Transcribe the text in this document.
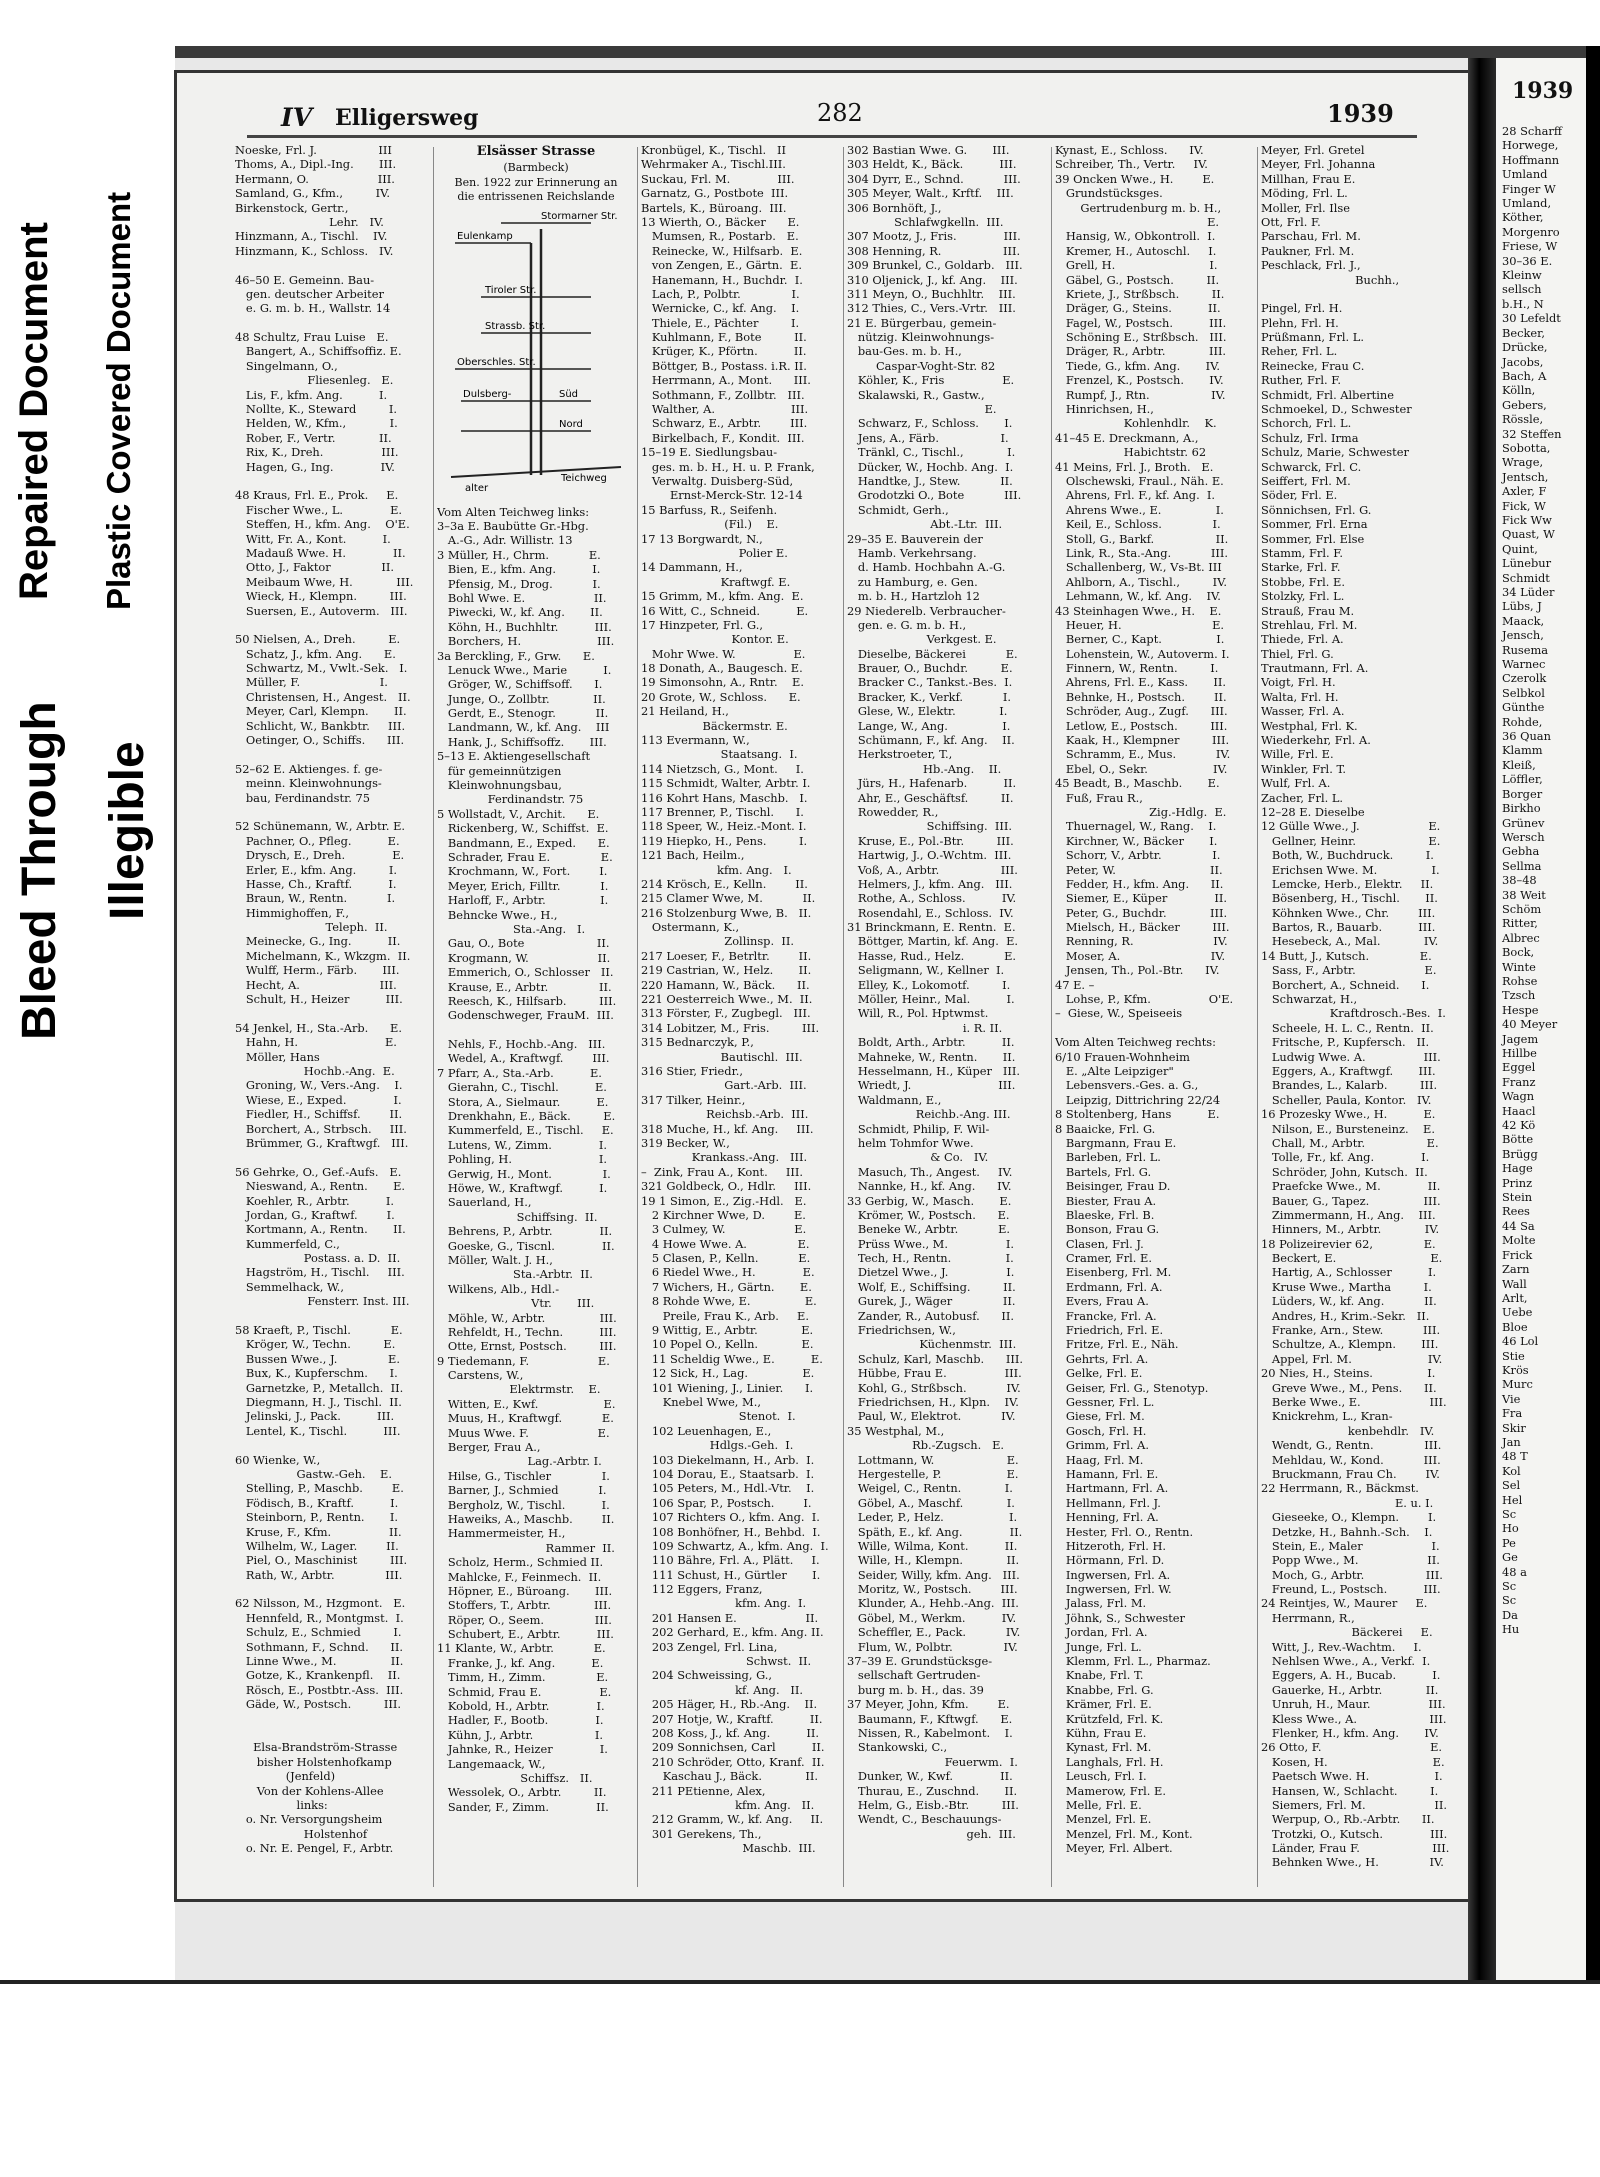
Repaired Document
Bleed Through
Plastic Covered Document
Illegible
IV Elligersweg	282	1939
Noeske, Frl. J.                 III
Thoms, A., Dipl.-Ing.       III.
Hermann, O.                   III.
Samland, G., Kfm.,         IV.
Birkenstock, Gertr.,
Lehr.   IV.
Hinzmann, A., Tischl.    IV.
Hinzmann, K., Schloss.   IV.
46–50 E. Gemeinn. Bau-
gen. deutscher Arbeiter
e. G. m. b. H., Wallstr. 14
48 Schultz, Frau Luise   E.
Bangert, A., Schiffsoffiz. E.
Singelmann, O.,
Fliesenleg.   E.
Lis, F., kfm. Ang.          I.
Nollte, K., Steward         I.
Helden, W., Kfm.,            I.
Rober, F., Vertr.            II.
Rix, K., Dreh.                III.
Hagen, G., Ing.             IV.
48 Kraus, Frl. E., Prok.     E.
Fischer Wwe., L.             E.
Steffen, H., kfm. Ang.    O'E.
Witt, Fr. A., Kont.          I.
Madauß Wwe. H.             II.
Otto, J., Faktor              II.
Meibaum Wwe, H.            III.
Wieck, H., Klempn.         III.
Suersen, E., Autoverm.   III.
50 Nielsen, A., Dreh.         E.
Schatz, J., kfm. Ang.      E.
Schwartz, M., Vwlt.-Sek.   I.
Müller, F.                      I.
Christensen, H., Angest.   II.
Meyer, Carl, Klempn.       II.
Schlicht, W., Bankbtr.     III.
Oetinger, O., Schiffs.      III.
52–62 E. Aktienges. f. ge-
meinn. Kleinwohnungs-
bau, Ferdinandstr. 75
52 Schünemann, W., Arbtr. E.
Pachner, O., Pfleg.          E.
Drysch, E., Dreh.             E.
Erler, E., kfm. Ang.         I.
Hasse, Ch., Kraftf.          I.
Braun, W., Rentn.           I.
Himmighoffen, F.,
Teleph.  II.
Meinecke, G., Ing.          II.
Michelmann, K., Wkzgm.  II.
Wulff, Herm., Färb.       III.
Hecht, A.                      III.
Schult, H., Heizer          III.
54 Jenkel, H., Sta.-Arb.      E.
Hahn, H.                        E.
Möller, Hans
Hochb.-Ang.  E.
Groning, W., Vers.-Ang.    I.
Wiese, E., Exped.             I.
Fiedler, H., Schiffsf.        II.
Borchert, A., Strbsch.     III.
Brümmer, G., Kraftwgf.   III.
56 Gehrke, O., Gef.-Aufs.   E.
Nieswand, A., Rentn.       E.
Koehler, R., Arbtr.          I.
Jordan, G., Kraftwf.        I.
Kortmann, A., Rentn.       II.
Kummerfeld, C.,
Postass. a. D.  II.
Hagström, H., Tischl.     III.
Semmelhack, W.,
Fensterr. Inst. III.
58 Kraeft, P., Tischl.           E.
Kröger, W., Techn.         E.
Bussen Wwe., J.              E.
Bux, K., Kupferschm.      I.
Garnetzke, P., Metallch.  II.
Diegmann, H. J., Tischl.  II.
Jelinski, J., Pack.          III.
Lentel, K., Tischl.          III.
60 Wienke, W.,
Gastw.-Geh.    E.
Stelling, P., Maschb.        E.
Födisch, B., Kraftf.          I.
Steinborn, P., Rentn.       I.
Kruse, F., Kfm.                II.
Wilhelm, W., Lager.        II.
Piel, O., Maschinist         III.
Rath, W., Arbtr.              III.
62 Nilsson, M., Hzgmont.   E.
Hennfeld, R., Montgmst.  I.
Schulz, E., Schmied         I.
Sothmann, F., Schnd.      II.
Linne Wwe., M.               II.
Gotze, K., Krankenpfl.    II.
Rösch, E., Postbtr.-Ass.  III.
Gäde, W., Postsch.         III.
Elsa-Brandström-Strasse
bisher Holstenhofkamp
(Jenfeld)
Von der Kohlens-Allee
links:
o. Nr. Versorgungsheim
Holstenhof
o. Nr. E. Pengel, F., Arbtr.
Elsässer Strasse
(Barmbeck)
Ben. 1922 zur Erinnerung an
die entrissenen Reichslande
Stormarner Str.
Eulenkamp
Tiroler Str.
Strassb. Str.
Oberschles. Str.
Dulsberg-	Süd
Nord
alter
Teichweg
Vom Alten Teichweg links:
3–3a E. Baubütte Gr.-Hbg.
A.-G., Adr. Willistr. 13
3 Müller, H., Chrm.           E.
Bien, E., kfm. Ang.          I.
Pfensig, M., Drog.           I.
Bohl Wwe. E.                   II.
Piwecki, W., kf. Ang.       II.
Köhn, H., Buchhltr.          III.
Borchers, H.                     III.
3a Berckling, F., Grw.      E.
Lenuck Wwe., Marie          I.
Gröger, W., Schiffsoff.      I.
Junge, O., Zollbtr.            II.
Gerdt, E., Stenogr.           II.
Landmann, W., kf. Ang.    III
Hank, J., Schiffsoffz.       III.
5–13 E. Aktiengesellschaft
für gemeinnützigen
Kleinwohnungsbau,
Ferdinandstr. 75
5 Wollstadt, V., Archit.      E.
Rickenberg, W., Schiffst.  E.
Bandmann, E., Exped.      E.
Schrader, Frau E.              E.
Krochmann, W., Fort.        I.
Meyer, Erich, Filltr.           I.
Harloff, F., Arbtr.               I.
Behncke Wwe., H.,
Sta.-Ang.   I.
Gau, O., Bote                    II.
Krogmann, W.                   II.
Emmerich, O., Schlosser   II.
Krause, E., Arbtr.              II.
Reesch, K., Hilfsarb.         III.
Godenschweger, FrauM.  III.
Nehls, F., Hochb.-Ang.   III.
Wedel, A., Kraftwgf.        III.
7 Pfarr, A., Sta.-Arb.          E.
Gierahn, C., Tischl.          E.
Stora, A., Sielmaur.          E.
Drenkhahn, E., Bäck.         E.
Kummerfeld, E., Tischl.     E.
Lutens, W., Zimm.             I.
Pohling, H.                        I.
Gerwig, H., Mont.              I.
Höwe, W., Kraftwgf.          I.
Sauerland, H.,
Schiffsing.  II.
Behrens, P., Arbtr.             II.
Goeske, G., Tiscnl.             II.
Möller, Walt. J. H.,
Sta.-Arbtr.  II.
Wilkens, Alb., Hdl.-
Vtr.       III.
Möhle, W., Arbtr.               III.
Rehfeldt, H., Techn.          III.
Otte, Ernst, Postsch.         III.
9 Tiedemann, F.                   E.
Carstens, W.,
Elektrmstr.    E.
Witten, E., Kwf.                  E.
Muus, H., Kraftwgf.           E.
Muus Wwe. F.                   E.
Berger, Frau A.,
Lag.-Arbtr. I.
Hilse, G., Tischler              I.
Barner, J., Schmied           I.
Bergholz, W., Tischl.          I.
Haweiks, A., Maschb.        II.
Hammermeister, H.,
Rammer  II.
Scholz, Herm., Schmied II.
Mahlcke, F., Feinmech.  II.
Höpner, E., Büroang.       III.
Stoffers, T., Arbtr.            III.
Röper, O., Seem.              III.
Schubert, E., Arbtr.          III.
11 Klante, W., Arbtr.           E.
Franke, J., kf. Ang.          E.
Timm, H., Zimm.              E.
Schmid, Frau E.                E.
Kobold, H., Arbtr.             I.
Hadler, F., Bootb.             I.
Kühn, J., Arbtr.                 I.
Jahnke, R., Heizer             I.
Langemaack, W.,
Schiffsz.   II.
Wessolek, O., Arbtr.         II.
Sander, F., Zimm.             II.
Kronbügel, K., Tischl.   II
Wehrmaker A., Tischl.III.
Suckau, Frl. M.             III.
Garnatz, G., Postbote  III.
Bartels, K., Büroang.  III.
13 Wierth, O., Bäcker      E.
Mumsen, R., Postarb.   E.
Reinecke, W., Hilfsarb.  E.
von Zengen, E., Gärtn.  E.
Hanemann, H., Buchdr.  I.
Lach, P., Polbtr.              I.
Wernicke, C., kf. Ang.    I.
Thiele, E., Pächter         I.
Kuhlmann, F., Bote         II.
Krüger, K., Pförtn.          II.
Böttger, B., Postass. i.R. II.
Herrmann, A., Mont.      III.
Sothmann, F., Zollbtr.   III.
Walther, A.                     III.
Schwarz, E., Arbtr.        III.
Birkelbach, F., Kondit.  III.
15–19 E. Siedlungsbau-
ges. m. b. H., H. u. P. Frank,
Verwaltg. Duisberg-Süd,
Ernst-Merck-Str. 12-14
15 Barfuss, R., Seifenh.
(Fil.)    E.
17 13 Borgwardt, N.,
Polier E.
14 Dammann, H.,
Kraftwgf. E.
15 Grimm, M., kfm. Ang.  E.
16 Witt, C., Schneid.          E.
17 Hinzpeter, Frl. G.,
Kontor. E.
Mohr Wwe. W.                E.
18 Donath, A., Baugesch. E.
19 Simonsohn, A., Rntr.    E.
20 Grote, W., Schloss.      E.
21 Heiland, H.,
Bäckermstr. E.
113 Evermann, W.,
Staatsang.  I.
114 Nietzsch, G., Mont.     I.
115 Schmidt, Walter, Arbtr. I.
116 Kohrt Hans, Maschb.   I.
117 Brenner, P., Tischl.      I.
118 Speer, W., Heiz.-Mont. I.
119 Hiepko, H., Pens.         I.
121 Bach, Heilm.,
kfm. Ang.   I.
214 Krösch, E., Kelln.        II.
215 Clamer Wwe, M.           II.
216 Stolzenburg Wwe, B.   II.
Ostermann, K.,
Zollinsp.  II.
217 Loeser, F., Betrltr.        II.
219 Castrian, W., Helz.       II.
220 Hamann, W., Bäck.      II.
221 Oesterreich Wwe., M.  II.
313 Förster, F., Zugbegl.   III.
314 Lobitzer, M., Fris.         III.
315 Bednarczyk, P.,
Bautischl.  III.
316 Stier, Friedr.,
Gart.-Arb.  III.
317 Tilker, Heinr.,
Reichsb.-Arb.  III.
318 Muche, H., kf. Ang.     III.
319 Becker, W.,
Krankass.-Ang.   III.
–  Zink, Frau A., Kont.     III.
321 Goldbeck, O., Hdlr.     III.
19 1 Simon, E., Zig.-Hdl.   E.
2 Kirchner Wwe, D.        E.
3 Culmey, W.                   E.
4 Howe Wwe. A.              E.
5 Clasen, P., Kelln.           E.
6 Riedel Wwe., H.             E.
7 Wichers, H., Gärtn.       E.
8 Rohde Wwe, E.               E.
Preile, Frau K., Arb.     E.
9 Wittig, E., Arbtr.            E.
10 Popel O., Kelln.            E.
11 Scheldig Wwe., E.          E.
12 Sick, H., Lag.               E.
101 Wiening, J., Linier.      I.
Knebel Wwe, M.,
Stenot.  I.
102 Leuenhagen, E.,
Hdlgs.-Geh.  I.
103 Diekelmann, H., Arb.  I.
104 Dorau, E., Staatsarb.  I.
105 Peters, M., Hdl.-Vtr.    I.
106 Spar, P., Postsch.        I.
107 Richters O., kfm. Ang.  I.
108 Bonhöfner, H., Behbd.  I.
109 Schwartz, A., kfm. Ang.  I.
110 Bähre, Frl. A., Plätt.     I.
111 Schust, H., Gürtler       I.
112 Eggers, Franz,
kfm. Ang.  I.
201 Hansen E.                   II.
202 Gerhard, E., kfm. Ang. II.
203 Zengel, Frl. Lina,
Schwst.  II.
204 Schweissing, G.,
kf. Ang.   II.
205 Häger, H., Rb.-Ang.    II.
207 Hotje, W., Kraftf.          II.
208 Koss, J., kf. Ang.          II.
209 Sonnichsen, Carl          II.
210 Schröder, Otto, Kranf.  II.
Kaschau J., Bäck.            II.
211 PEtienne, Alex,
kfm. Ang.   II.
212 Gramm, W., kf. Ang.     II.
301 Gerekens, Th.,
Maschb.  III.
302 Bastian Wwe. G.       III.
303 Heldt, K., Bäck.          III.
304 Dyrr, E., Schnd.           III.
305 Meyer, Walt., Krftf.    III.
306 Bornhöft, J.,
Schlafwgkelln.  III.
307 Mootz, J., Fris.             III.
308 Henning, R.                 III.
309 Brunkel, C., Goldarb.   III.
310 Oljenick, J., kf. Ang.    III.
311 Meyn, O., Buchhltr.    III.
312 Thies, C., Vers.-Vrtr.   III.
21 E. Bürgerbau, gemein-
nützig. Kleinwohnungs-
bau-Ges. m. b. H.,
Caspar-Voght-Str. 82
Köhler, K., Fris                E.
Skalawski, R., Gastw.,
E.
Schwarz, F., Schloss.       I.
Jens, A., Färb.                 I.
Tränkl, C., Tischl.,            I.
Dücker, W., Hochb. Ang.  I.
Handtke, J., Stew.           II.
Grodotzki O., Bote           III.
Schmidt, Gerh.,
Abt.-Ltr.  III.
29–35 E. Bauverein der
Hamb. Verkehrsang.
d. Hamb. Hochbahn A.-G.
zu Hamburg, e. Gen.
m. b. H., Hartzloh 12
29 Niederelb. Verbraucher-
gen. e. G. m. b. H.,
Verkgest. E.
Dieselbe, Bäckerei           E.
Brauer, O., Buchdr.         E.
Bracker C., Tankst.-Bes.  I.
Bracker, K., Verkf.           I.
Glese, W., Elektr.            I.
Lange, W., Ang.               I.
Schümann, F., kf. Ang.    II.
Herkstroeter, T.,
Hb.-Ang.    II.
Jürs, H., Hafenarb.          II.
Ahr, E., Geschäftsf.         II.
Rowedder, R.,
Schiffsing.  III.
Kruse, E., Pol.-Btr.         III.
Hartwig, J., O.-Wchtm.  III.
Voß, A., Arbtr.                 III.
Helmers, J., kfm. Ang.   III.
Rothe, A., Schloss.          IV.
Rosendahl, E., Schloss.  IV.
31 Brinckmann, E. Rentn.  E.
Böttger, Martin, kf. Ang.  E.
Hasse, Rud., Helz.           E.
Seligmann, W., Kellner  I.
Elley, K., Lokomotf.         I.
Möller, Heinr., Mal.          I.
Will, R., Pol. Hptwmst.
i. R. II.
Boldt, Arth., Arbtr.          II.
Mahneke, W., Rentn.       II.
Hesselmann, H., Küper   III.
Wriedt, J.                        III.
Waldmann, E.,
Reichb.-Ang. III.
Schmidt, Philip, F. Wil-
helm Tohmfor Wwe.
& Co.   IV.
Masuch, Th., Angest.     IV.
Nannke, H., kf. Ang.      IV.
33 Gerbig, W., Masch.       E.
Krömer, W., Postsch.      E.
Beneke W., Arbtr.           E.
Prüss Wwe., M.                I.
Tech, H., Rentn.               I.
Dietzel Wwe., J.                I.
Wolf, E., Schiffsing.         II.
Gurek, J., Wäger              II.
Zander, R., Autobusf.      II.
Friedrichsen, W.,
Küchenmstr.  III.
Schulz, Karl, Maschb.      III.
Hübbe, Frau E.                III.
Kohl, G., Strßbsch.           IV.
Friedrichsen, H., Klpn.    IV.
Paul, W., Elektrot.           IV.
35 Westphal, M.,
Rb.-Zugsch.   E.
Lottmann, W.                    E.
Hergestelle, P.                  E.
Weigel, C., Rentn.            I.
Göbel, A., Maschf.            I.
Leder, P., Helz.                  I.
Späth, E., kf. Ang.             II.
Wille, Wilma, Kont.          II.
Wille, H., Klempn.            II.
Seider, Willy, kfm. Ang.   III.
Moritz, W., Postsch.        III.
Klunder, A., Hehb.-Ang.  III.
Göbel, M., Werkm.          IV.
Scheffler, E., Pack.           IV.
Flum, W., Polbtr.              IV.
37–39 E. Grundstücksge-
sellschaft Gertruden-
burg m. b. H., das. 39
37 Meyer, John, Kfm.        E.
Baumann, F., Kftwgf.      E.
Nissen, R., Kabelmont.    I.
Stankowski, C.,
Feuerwm.  I.
Dunker, W., Kwf.             II.
Thurau, E., Zuschnd.       II.
Helm, G., Eisb.-Btr.         III.
Wendt, C., Beschauungs-
geh.  III.
Kynast, E., Schloss.      IV.
Schreiber, Th., Vertr.     IV.
39 Oncken Wwe., H.        E.
Grundstücksges.
Gertrudenburg m. b. H.,
E.
Hansig, W., Obkontroll.  I.
Kremer, H., Autoschl.     I.
Grell, H.                          I.
Gäbel, G., Postsch.         II.
Kriete, J., Strßbsch.         II.
Dräger, G., Steins.          II.
Fagel, W., Postsch.          III.
Schöning E., Strßbsch.   III.
Dräger, R., Arbtr.            III.
Tiede, G., kfm. Ang.       IV.
Frenzel, K., Postsch.       IV.
Rumpf, J., Rtn.                 IV.
Hinrichsen, H.,
Kohlenhdlr.    K.
41–45 E. Dreckmann, A.,
Habichtstr. 62
41 Meins, Frl. J., Broth.   E.
Olschewski, Fraul., Näh. E.
Ahrens, Frl. F., kf. Ang.  I.
Ahrens Wwe., E.               I.
Keil, E., Schloss.              I.
Stoll, G., Barkf.                 II.
Link, R., Sta.-Ang.           III.
Schallenberg, W., Vs-Bt. III
Ahlborn, A., Tischl.,         IV.
Lehmann, W., kf. Ang.    IV.
43 Steinhagen Wwe., H.    E.
Heuer, H.                         E.
Berner, C., Kapt.               I.
Lohenstein, W., Autoverm. I.
Finnern, W., Rentn.         I.
Ahrens, Frl. E., Kass.       II.
Behnke, H., Postsch.        II.
Schröder, Aug., Zugf.      III.
Letlow, E., Postsch.         III.
Kaak, H., Klempner         III.
Schramm, E., Mus.           IV.
Ebel, O., Sekr.                  IV.
45 Beadt, B., Maschb.       E.
Fuß, Frau R.,
Zig.-Hdlg.  E.
Thuernagel, W., Rang.    I.
Kirchner, W., Bäcker       I.
Schorr, V., Arbtr.              I.
Peter, W.                          II.
Fedder, H., kfm. Ang.      II.
Siemer, E., Küper             II.
Peter, G., Buchdr.            III.
Mielsch, H., Bäcker         III.
Renning, R.                      IV.
Moser, A.                         IV.
Jensen, Th., Pol.-Btr.      IV.
47 E. –
Lohse, P., Kfm.                O'E.
–  Giese, W., Speiseeis
Vom Alten Teichweg rechts:
6/10 Frauen-Wohnheim
E. „Alte Leipziger"
Lebensvers.-Ges. a. G.,
Leipzig, Dittrichring 22/24
8 Stoltenberg, Hans          E.
8 Baaicke, Frl. G.
Bargmann, Frau E.
Barleben, Frl. L.
Bartels, Frl. G.
Beisinger, Frau D.
Biester, Frau A.
Blaeske, Frl. B.
Bonson, Frau G.
Clasen, Frl. J.
Cramer, Frl. E.
Eisenberg, Frl. M.
Erdmann, Frl. A.
Evers, Frau A.
Francke, Frl. A.
Friedrich, Frl. E.
Fritze, Frl. E., Näh.
Gehrts, Frl. A.
Gelke, Frl. E.
Geiser, Frl. G., Stenotyp.
Gessner, Frl. L.
Giese, Frl. M.
Gosch, Frl. H.
Grimm, Frl. A.
Haag, Frl. M.
Hamann, Frl. E.
Hartmann, Frl. A.
Hellmann, Frl. J.
Henning, Frl. A.
Hester, Frl. O., Rentn.
Hitzeroth, Frl. H.
Hörmann, Frl. D.
Ingwersen, Frl. A.
Ingwersen, Frl. W.
Jalass, Frl. M.
Jöhnk, S., Schwester
Jordan, Frl. A.
Junge, Frl. L.
Klemm, Frl. L., Pharmaz.
Knabe, Frl. T.
Knabbe, Frl. G.
Krämer, Frl. E.
Krützfeld, Frl. K.
Kühn, Frau E.
Kynast, Frl. M.
Langhals, Frl. H.
Leusch, Frl. I.
Mamerow, Frl. E.
Melle, Frl. E.
Menzel, Frl. E.
Menzel, Frl. M., Kont.
Meyer, Frl. Albert.
Meyer, Frl. Gretel
Meyer, Frl. Johanna
Millhan, Frau E.
Möding, Frl. L.
Moller, Frl. Ilse
Ott, Frl. F.
Parschau, Frl. M.
Paukner, Frl. M.
Peschlack, Frl. J.,
Buchh.,
Pingel, Frl. H.
Plehn, Frl. H.
Prüßmann, Frl. L.
Reher, Frl. L.
Reinecke, Frau C.
Ruther, Frl. F.
Schmidt, Frl. Albertine
Schmoekel, D., Schwester
Schorch, Frl. L.
Schulz, Frl. Irma
Schulz, Marie, Schwester
Schwarck, Frl. C.
Seiffert, Frl. M.
Söder, Frl. E.
Sönnichsen, Frl. G.
Sommer, Frl. Erna
Sommer, Frl. Else
Stamm, Frl. F.
Starke, Frl. F.
Stobbe, Frl. E.
Stolzky, Frl. L.
Strauß, Frau M.
Strehlau, Frl. M.
Thiede, Frl. A.
Thiel, Frl. G.
Trautmann, Frl. A.
Voigt, Frl. H.
Walta, Frl. H.
Wasser, Frl. A.
Westphal, Frl. K.
Wiederkehr, Frl. A.
Wille, Frl. E.
Winkler, Frl. T.
Wulf, Frl. A.
Zacher, Frl. L.
12–28 E. Dieselbe
12 Gülle Wwe., J.                   E.
Gellner, Heinr.                    E.
Both, W., Buchdruck.         I.
Erichsen Wwe. M.               I.
Lemcke, Herb., Elektr.     II.
Bösenberg, H., Tischl.       II.
Köhnken Wwe., Chr.        III.
Bartos, R., Bauarb.          III.
Hesebeck, A., Mal.            IV.
14 Butt, J., Kutsch.              E.
Sass, F., Arbtr.                   E.
Borchert, A., Schneid.      I.
Schwarzat, H.,
Kraftdrosch.-Bes.  I.
Scheele, H. L. C., Rentn.  II.
Fritsche, P., Kupfersch.   II.
Ludwig Wwe. A.                III.
Eggers, A., Kraftwgf.       III.
Brandes, L., Kalarb.         III.
Scheller, Paula, Kontor.   IV.
16 Prozesky Wwe., H.          E.
Nilson, E., Bursteneinz.    E.
Chall, M., Arbtr.                 E.
Tolle, Fr., kf. Ang.             I.
Schröder, John, Kutsch.  II.
Praefcke Wwe., M.             II.
Bauer, G., Tapez.               III.
Zimmermann, H., Ang.    III.
Hinners, M., Arbtr.            IV.
18 Polizeirevier 62,              E.
Beckert, E.                          E.
Hartig, A., Schlosser          I.
Kruse Wwe., Martha         I.
Lüders, W., kf. Ang.           II.
Andres, H., Krim.-Sekr.   II.
Franke, Arn., Stew.           III.
Schultze, A., Klempn.       III.
Appel, Frl. M.                     IV.
20 Nies, H., Steins.               I.
Greve Wwe., M., Pens.      II.
Berke Wwe., E.                   III.
Knickrehm, L., Kran-
kenbehdlr.   IV.
Wendt, G., Rentn.              III.
Mehldau, W., Kond.           III.
Bruckmann, Frau Ch.        IV.
22 Herrmann, R., Bäckmst.
E. u. I.
Gieseeke, O., Klempn.        I.
Detzke, H., Bahnh.-Sch.    I.
Stein, E., Maler                   I.
Popp Wwe., M.                   II.
Moch, G., Arbtr.                 III.
Freund, L., Postsch.          III.
24 Reintjes, W., Maurer     E.
Herrmann, R.,
Bäckerei     E.
Witt, J., Rev.-Wachtm.     I.
Nehlsen Wwe., A., Verkf.  I.
Eggers, A. H., Bucab.          I.
Gauerke, H., Arbtr.            II.
Unruh, H., Maur.                III.
Kless Wwe., A.                    III.
Flenker, H., kfm. Ang.       IV.
26 Otto, F.                              E.
Kosen, H.                             E.
Paetsch Wwe. H.                  I.
Hansen, W., Schlacht.         I.
Siemers, Frl. M.                   II.
Werpup, O., Rb.-Arbtr.      II.
Trotzki, O., Kutsch.             III.
Länder, Frau F.                    III.
Behnken Wwe., H.              IV.
1939
28 Scharff
Horwege,
Hoffmann
Umland
Finger W
Umland,
Köther,
Morgenro
Friese, W
30–36 E.
Kleinw
sellsch
b.H., N
30 Lefeldt
Becker,
Drücke,
Jacobs,
Bach, A
Kölln,
Gebers,
Rössle,
32 Steffen
Sobotta,
Wrage,
Jentsch,
Axler, F
Fick, W
Fick Ww
Quast, W
Quint,
Lünebur
Schmidt
34 Lüder
Lübs, J
Maack,
Jensch,
Rusema
Warnec
Czerolk
Selbkol
Günthe
Rohde,
36 Quan
Klamm
Kleiß,
Löffler,
Borger
Birkho
Grünev
Wersch
Gebha
Sellma
38–48
38 Weit
Schöm
Ritter,
Albrec
Bock,
Winte
Rohse
Tzsch
Hespe
40 Meyer
Jagem
Hillbe
Eggel
Franz
Wagn
Haacl
42 Kö
Bötte
Brügg
Hage
Prinz
Stein
Rees
44 Sa
Molte
Frick
Zarn
Wall
Arlt,
Uebe
Bloe
46 Lol
Stie
Krös
Murc
Vie
Fra
Skir
Jan
48 T
Kol
Sel
Hel
Sc
Ho
Pe
Ge
48 a
Sc
Sc
Da
Hu
